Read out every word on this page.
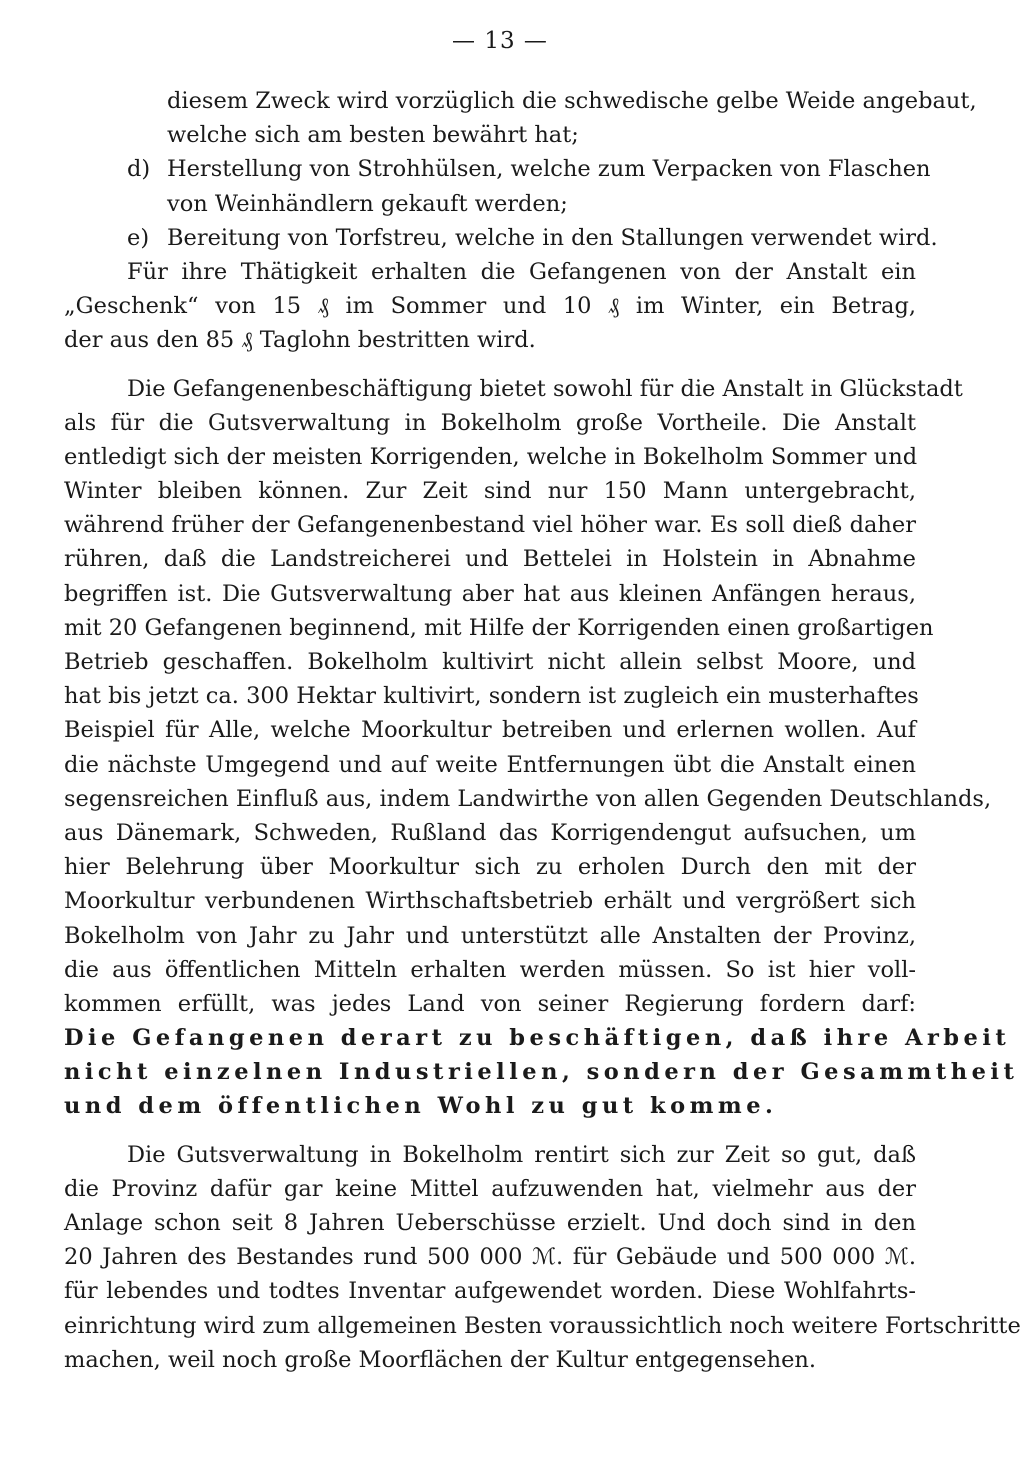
— 13 —
diesem Zweck wird vorzüglich die schwedische gelbe Weide angebaut,
welche sich am besten bewährt hat;
d) Herstellung von Strohhülsen, welche zum Verpacken von Flaschen
von Weinhändlern gekauft werden;
e) Bereitung von Torfstreu, welche in den Stallungen verwendet wird.
Für ihre Thätigkeit erhalten die Gefangenen von der Anstalt ein
„Geschenk“ von 15 ₰ im Sommer und 10 ₰ im Winter, ein Betrag,
der aus den 85 ₰ Taglohn bestritten wird.
Die Gefangenenbeschäftigung bietet sowohl für die Anstalt in Glückstadt
als für die Gutsverwaltung in Bokelholm große Vortheile. Die Anstalt
entledigt sich der meisten Korrigenden, welche in Bokelholm Sommer und
Winter bleiben können. Zur Zeit sind nur 150 Mann untergebracht,
während früher der Gefangenenbestand viel höher war. Es soll dieß daher
rühren, daß die Landstreicherei und Bettelei in Holstein in Abnahme
begriffen ist. Die Gutsverwaltung aber hat aus kleinen Anfängen heraus,
mit 20 Gefangenen beginnend, mit Hilfe der Korrigenden einen großartigen
Betrieb geschaffen. Bokelholm kultivirt nicht allein selbst Moore, und
hat bis jetzt ca. 300 Hektar kultivirt, sondern ist zugleich ein musterhaftes
Beispiel für Alle, welche Moorkultur betreiben und erlernen wollen. Auf
die nächste Umgegend und auf weite Entfernungen übt die Anstalt einen
segensreichen Einfluß aus, indem Landwirthe von allen Gegenden Deutschlands,
aus Dänemark, Schweden, Rußland das Korrigendengut aufsuchen, um
hier Belehrung über Moorkultur sich zu erholen Durch den mit der
Moorkultur verbundenen Wirthschaftsbetrieb erhält und vergrößert sich
Bokelholm von Jahr zu Jahr und unterstützt alle Anstalten der Provinz,
die aus öffentlichen Mitteln erhalten werden müssen. So ist hier voll-
kommen erfüllt, was jedes Land von seiner Regierung fordern darf:
Die Gefangenen derart zu beschäftigen, daß ihre Arbeit
nicht einzelnen Industriellen, sondern der Gesammtheit
und dem öffentlichen Wohl zu gut komme.
Die Gutsverwaltung in Bokelholm rentirt sich zur Zeit so gut, daß
die Provinz dafür gar keine Mittel aufzuwenden hat, vielmehr aus der
Anlage schon seit 8 Jahren Ueberschüsse erzielt. Und doch sind in den
20 Jahren des Bestandes rund 500 000 ℳ. für Gebäude und 500 000 ℳ.
für lebendes und todtes Inventar aufgewendet worden. Diese Wohlfahrts-
einrichtung wird zum allgemeinen Besten voraussichtlich noch weitere Fortschritte
machen, weil noch große Moorflächen der Kultur entgegensehen.
